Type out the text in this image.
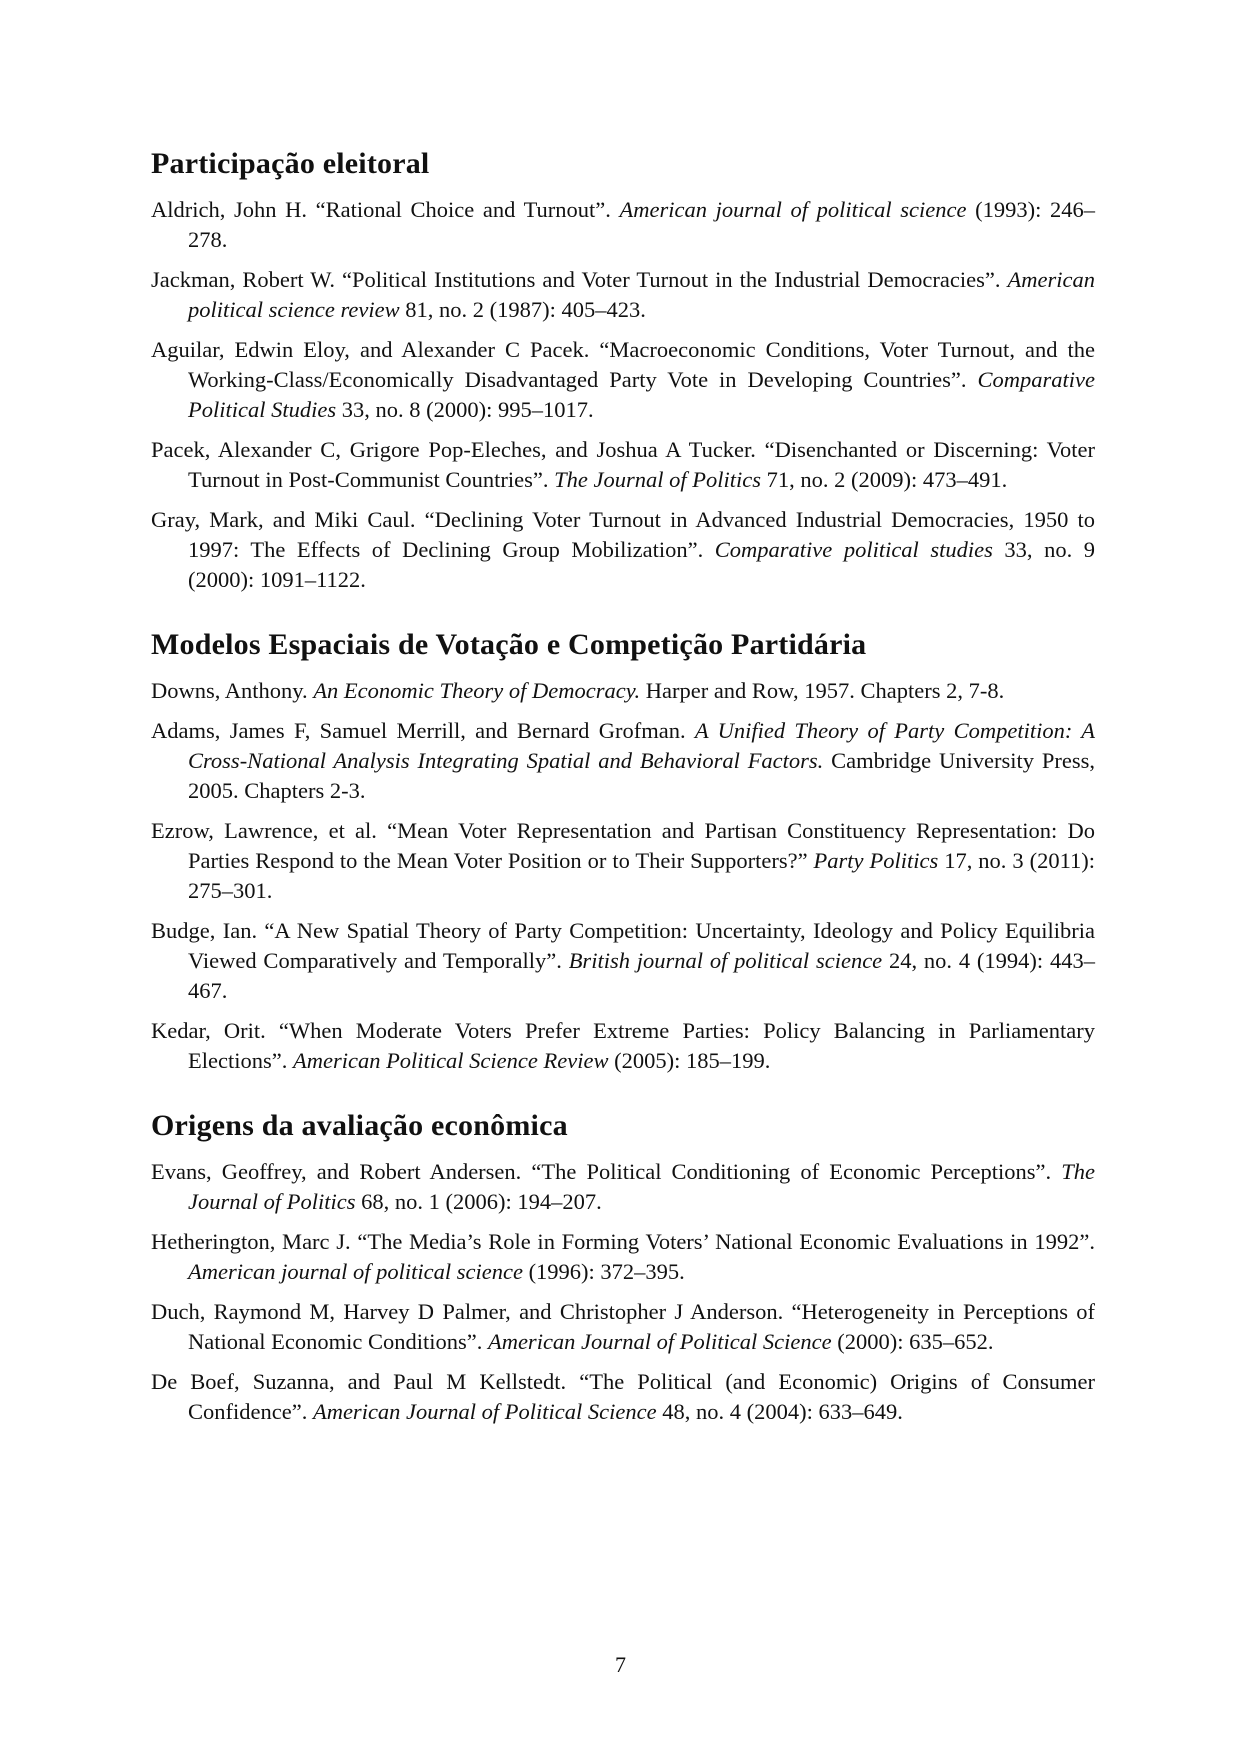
Participação eleitoral
Aldrich, John H. “Rational Choice and Turnout”. American journal of political science (1993): 246–278.
Jackman, Robert W. “Political Institutions and Voter Turnout in the Industrial Democracies”. American political science review 81, no. 2 (1987): 405–423.
Aguilar, Edwin Eloy, and Alexander C Pacek. “Macroeconomic Conditions, Voter Turnout, and the Working-Class/Economically Disadvantaged Party Vote in Developing Countries”. Comparative Political Studies 33, no. 8 (2000): 995–1017.
Pacek, Alexander C, Grigore Pop-Eleches, and Joshua A Tucker. “Disenchanted or Discerning: Voter Turnout in Post-Communist Countries”. The Journal of Politics 71, no. 2 (2009): 473–491.
Gray, Mark, and Miki Caul. “Declining Voter Turnout in Advanced Industrial Democracies, 1950 to 1997: The Effects of Declining Group Mobilization”. Comparative political studies 33, no. 9 (2000): 1091–1122.
Modelos Espaciais de Votação e Competição Partidária
Downs, Anthony. An Economic Theory of Democracy. Harper and Row, 1957. Chapters 2, 7-8.
Adams, James F, Samuel Merrill, and Bernard Grofman. A Unified Theory of Party Competition: A Cross-National Analysis Integrating Spatial and Behavioral Factors. Cambridge University Press, 2005. Chapters 2-3.
Ezrow, Lawrence, et al. “Mean Voter Representation and Partisan Constituency Representation: Do Parties Respond to the Mean Voter Position or to Their Supporters?” Party Politics 17, no. 3 (2011): 275–301.
Budge, Ian. “A New Spatial Theory of Party Competition: Uncertainty, Ideology and Policy Equilibria Viewed Comparatively and Temporally”. British journal of political science 24, no. 4 (1994): 443–467.
Kedar, Orit. “When Moderate Voters Prefer Extreme Parties: Policy Balancing in Parliamentary Elections”. American Political Science Review (2005): 185–199.
Origens da avaliação econômica
Evans, Geoffrey, and Robert Andersen. “The Political Conditioning of Economic Perceptions”. The Journal of Politics 68, no. 1 (2006): 194–207.
Hetherington, Marc J. “The Media’s Role in Forming Voters’ National Economic Evaluations in 1992”. American journal of political science (1996): 372–395.
Duch, Raymond M, Harvey D Palmer, and Christopher J Anderson. “Heterogeneity in Perceptions of National Economic Conditions”. American Journal of Political Science (2000): 635–652.
De Boef, Suzanna, and Paul M Kellstedt. “The Political (and Economic) Origins of Consumer Confidence”. American Journal of Political Science 48, no. 4 (2004): 633–649.
7
